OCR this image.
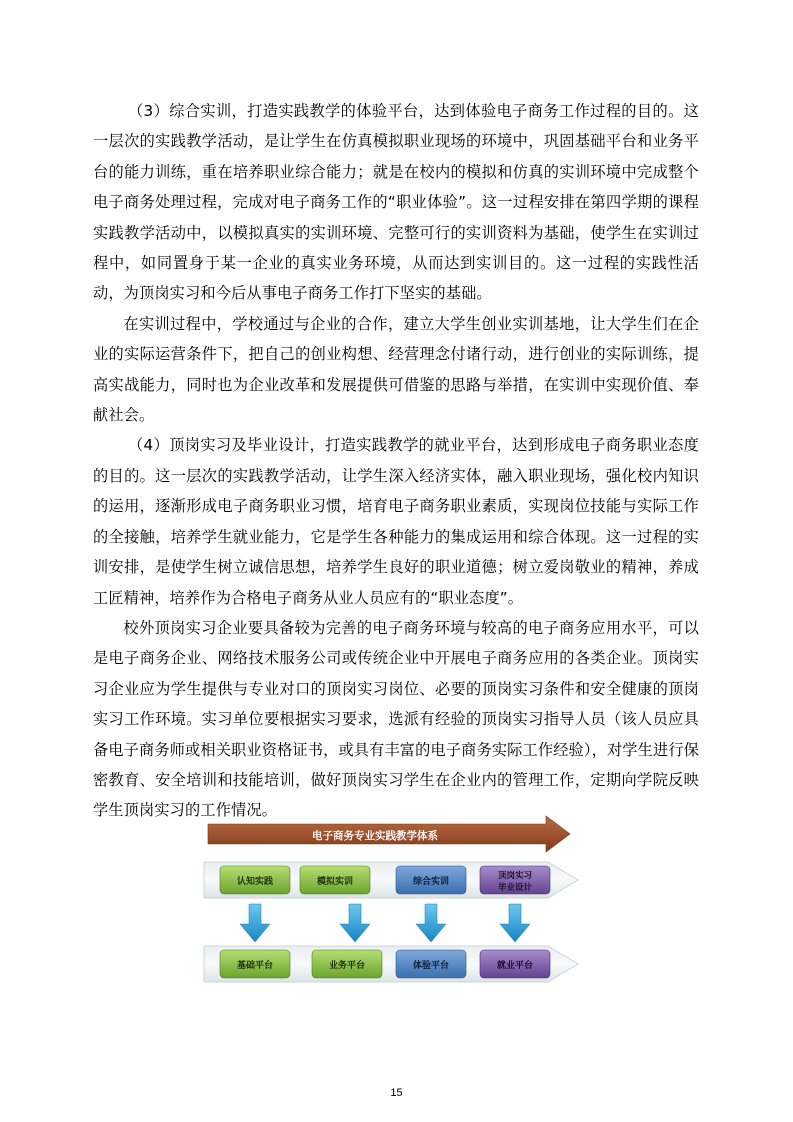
（3）综合实训，打造实践教学的体验平台，达到体验电子商务工作过程的目的。这一层次的实践教学活动，是让学生在仿真模拟职业现场的环境中，巩固基础平台和业务平台的能力训练，重在培养职业综合能力；就是在校内的模拟和仿真的实训环境中完成整个电子商务处理过程，完成对电子商务工作的“职业体验”。这一过程安排在第四学期的课程实践教学活动中，以模拟真实的实训环境、完整可行的实训资料为基础，使学生在实训过程中，如同置身于某一企业的真实业务环境，从而达到实训目的。这一过程的实践性活动，为顶岗实习和今后从事电子商务工作打下坚实的基础。

在实训过程中，学校通过与企业的合作，建立大学生创业实训基地，让大学生们在企业的实际运营条件下，把自己的创业构想、经营理念付诸行动，进行创业的实际训练，提高实战能力，同时也为企业改革和发展提供可借鉴的思路与举措，在实训中实现价值、奉献社会。

（4）顶岗实习及毕业设计，打造实践教学的就业平台，达到形成电子商务职业态度的目的。这一层次的实践教学活动，让学生深入经济实体，融入职业现场，强化校内知识的运用，逐渐形成电子商务职业习惯，培育电子商务职业素质，实现岗位技能与实际工作的全接触，培养学生就业能力，它是学生各种能力的集成运用和综合体现。这一过程的实训安排，是使学生树立诚信思想，培养学生良好的职业道德；树立爱岗敬业的精神，养成工匠精神，培养作为合格电子商务从业人员应有的“职业态度”。

校外顶岗实习企业要具备较为完善的电子商务环境与较高的电子商务应用水平，可以是电子商务企业、网络技术服务公司或传统企业中开展电子商务应用的各类企业。顶岗实习企业应为学生提供与专业对口的顶岗实习岗位、必要的顶岗实习条件和安全健康的顶岗实习工作环境。实习单位要根据实习要求，选派有经验的顶岗实习指导人员（该人员应具备电子商务师或相关职业资格证书，或具有丰富的电子商务实际工作经验），对学生进行保密教育、安全培训和技能培训，做好顶岗实习学生在企业内的管理工作，定期向学院反映学生顶岗实习的工作情况。

电子商务专业实践教学体系
认知实践	模拟实训	综合实训
顶岗实习
毕业设计
基础平台	业务平台	体验平台	就业平台
15
